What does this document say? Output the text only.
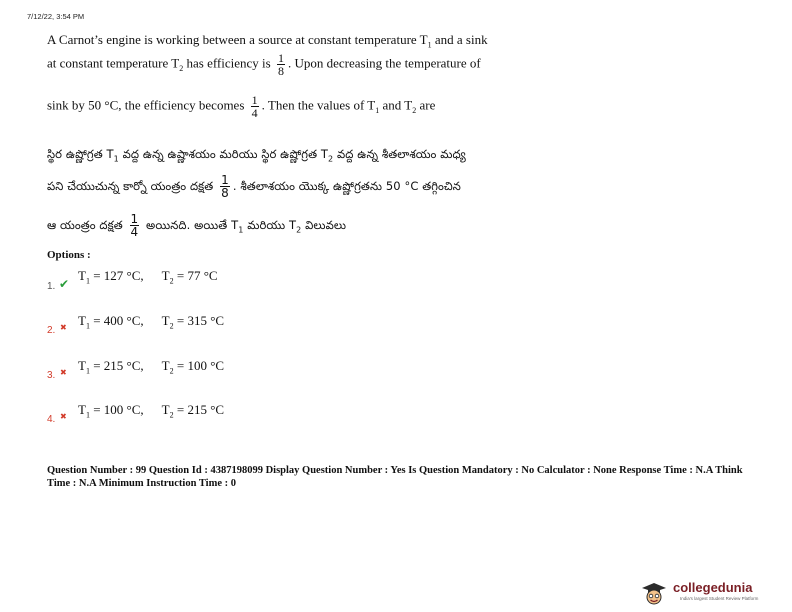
7/12/22, 3:54 PM
A Carnot’s engine is working between a source at constant temperature $T_1$ and a sink
at constant temperature $T_2$ has efficiency is $\frac{1}{8}$ . Upon decreasing the temperature of
sink by 50 °C, the efficiency becomes $\frac{1}{4}$ . Then the values of $T_1$ and $T_2$ are
స్థిర ఉష్ణోగ్రత $T_1$ వద్ద ఉన్న ఉష్ణాశయం మరియు స్థిర ఉష్ణోగ్రత $T_2$ వద్ద ఉన్న శీతలాశయం మధ్య
పని చేయుచున్న కార్నో యంత్రం దక్షత $\frac{1}{8}$ . శీతలాశయం యొక్క ఉష్ణోగ్రతను 50 °C తగ్గించిన
ఆ యంత్రం దక్షత $\frac{1}{4}$ అయినది. అయితే $T_1$ మరియు $T_2$ విలువలు
Options :
1. ✔
$T_1 = 127$ °C, $T_2 = 77$ °C
2. ✖ $T_1 = 400$ °C, $T_2 = 315$ °C
3. ✖ $T_1 = 215$ °C, $T_2 = 100$ °C
4. ✖ $T_1 = 100$ °C, $T_2 = 215$ °C
Question Number : 99 Question Id : 4387198099 Display Question Number : Yes Is Question Mandatory : No Calculator : None Response Time : N.A Think Time : N.A Minimum Instruction Time : 0
collegedunia
India's largest Student Review Platform
